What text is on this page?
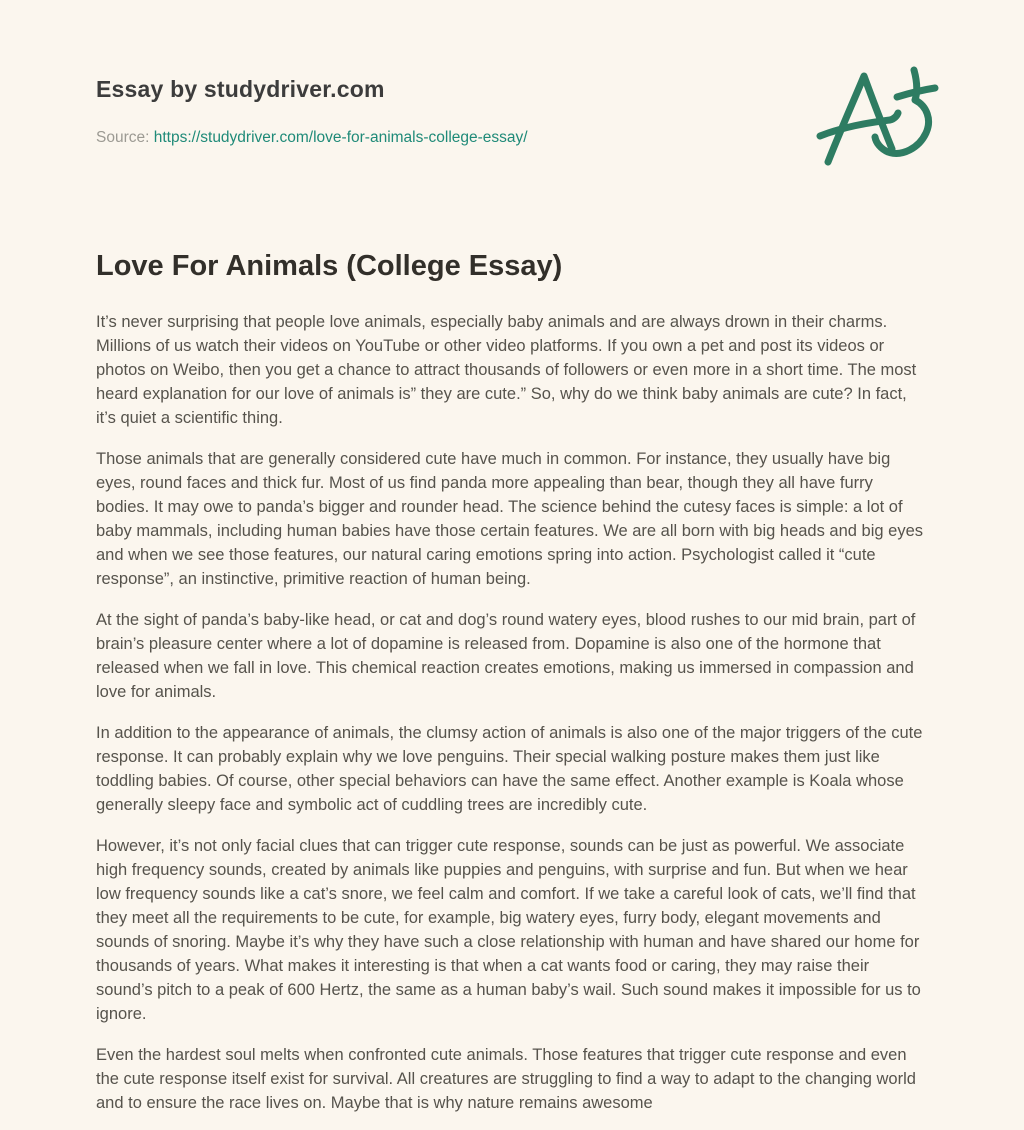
Essay by studydriver.com

Source: https://studydriver.com/love-for-animals-college-essay/

Love For Animals (College Essay)

It’s never surprising that people love animals, especially baby animals and are always drown in their charms. Millions of us watch their videos on YouTube or other video platforms. If you own a pet and post its videos or photos on Weibo, then you get a chance to attract thousands of followers or even more in a short time. The most heard explanation for our love of animals is” they are cute.” So, why do we think baby animals are cute? In fact, it’s quiet a scientific thing.

Those animals that are generally considered cute have much in common. For instance, they usually have big eyes, round faces and thick fur. Most of us find panda more appealing than bear, though they all have furry bodies. It may owe to panda’s bigger and rounder head. The science behind the cutesy faces is simple: a lot of baby mammals, including human babies have those certain features. We are all born with big heads and big eyes and when we see those features, our natural caring emotions spring into action. Psychologist called it “cute response”, an instinctive, primitive reaction of human being.

At the sight of panda’s baby-like head, or cat and dog’s round watery eyes, blood rushes to our mid brain, part of brain’s pleasure center where a lot of dopamine is released from. Dopamine is also one of the hormone that released when we fall in love. This chemical reaction creates emotions, making us immersed in compassion and love for animals.

In addition to the appearance of animals, the clumsy action of animals is also one of the major triggers of the cute response. It can probably explain why we love penguins. Their special walking posture makes them just like toddling babies. Of course, other special behaviors can have the same effect. Another example is Koala whose generally sleepy face and symbolic act of cuddling trees are incredibly cute.

However, it’s not only facial clues that can trigger cute response, sounds can be just as powerful. We associate high frequency sounds, created by animals like puppies and penguins, with surprise and fun. But when we hear low frequency sounds like a cat’s snore, we feel calm and comfort. If we take a careful look of cats, we’ll find that they meet all the requirements to be cute, for example, big watery eyes, furry body, elegant movements and sounds of snoring. Maybe it’s why they have such a close relationship with human and have shared our home for thousands of years. What makes it interesting is that when a cat wants food or caring, they may raise their sound’s pitch to a peak of 600 Hertz, the same as a human baby’s wail. Such sound makes it impossible for us to ignore.

Even the hardest soul melts when confronted cute animals. Those features that trigger cute response and even the cute response itself exist for survival. All creatures are struggling to find a way to adapt to the changing world and to ensure the race lives on. Maybe that is why nature remains awesome
